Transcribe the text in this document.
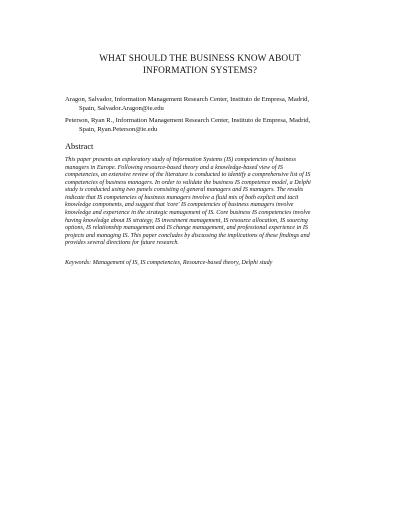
WHAT SHOULD THE BUSINESS KNOW ABOUT
INFORMATION SYSTEMS?
Aragon, Salvador, Information Management Research Center, Instituto de Empresa, Madrid,
Spain, Salvador.Aragon@ie.edu
Peterson, Ryan R., Information Management Research Center, Instituto de Empresa, Madrid,
Spain, Ryan.Peterson@ie.edu
Abstract
This paper presents an exploratory study of Information Systems (IS) competencies of business
managers in Europe. Following resource-based theory and a knowledge-based view of IS
competencies, an extensive review of the literature is conducted to identify a comprehensive list of IS
competencies of business managers. In order to validate the business IS competence model, a Delphi
study is conducted using two panels consisting of general managers and IS managers. The results
indicate that IS competencies of business managers involve a fluid mix of both explicit and tacit
knowledge components, and suggest that 'core' IS competencies of business managers involve
knowledge and experience in the strategic management of IS. Core business IS competencies involve
having knowledge about IS strategy, IS investment management, IS resource allocation, IS sourcing
options, IS relationship management and IS change management, and professional experience in IS
projects and managing IS. This paper concludes by discussing the implications of these findings and
provides several directions for future research.
Keywords: Management of IS, IS competencies, Resource-based theory, Delphi study
